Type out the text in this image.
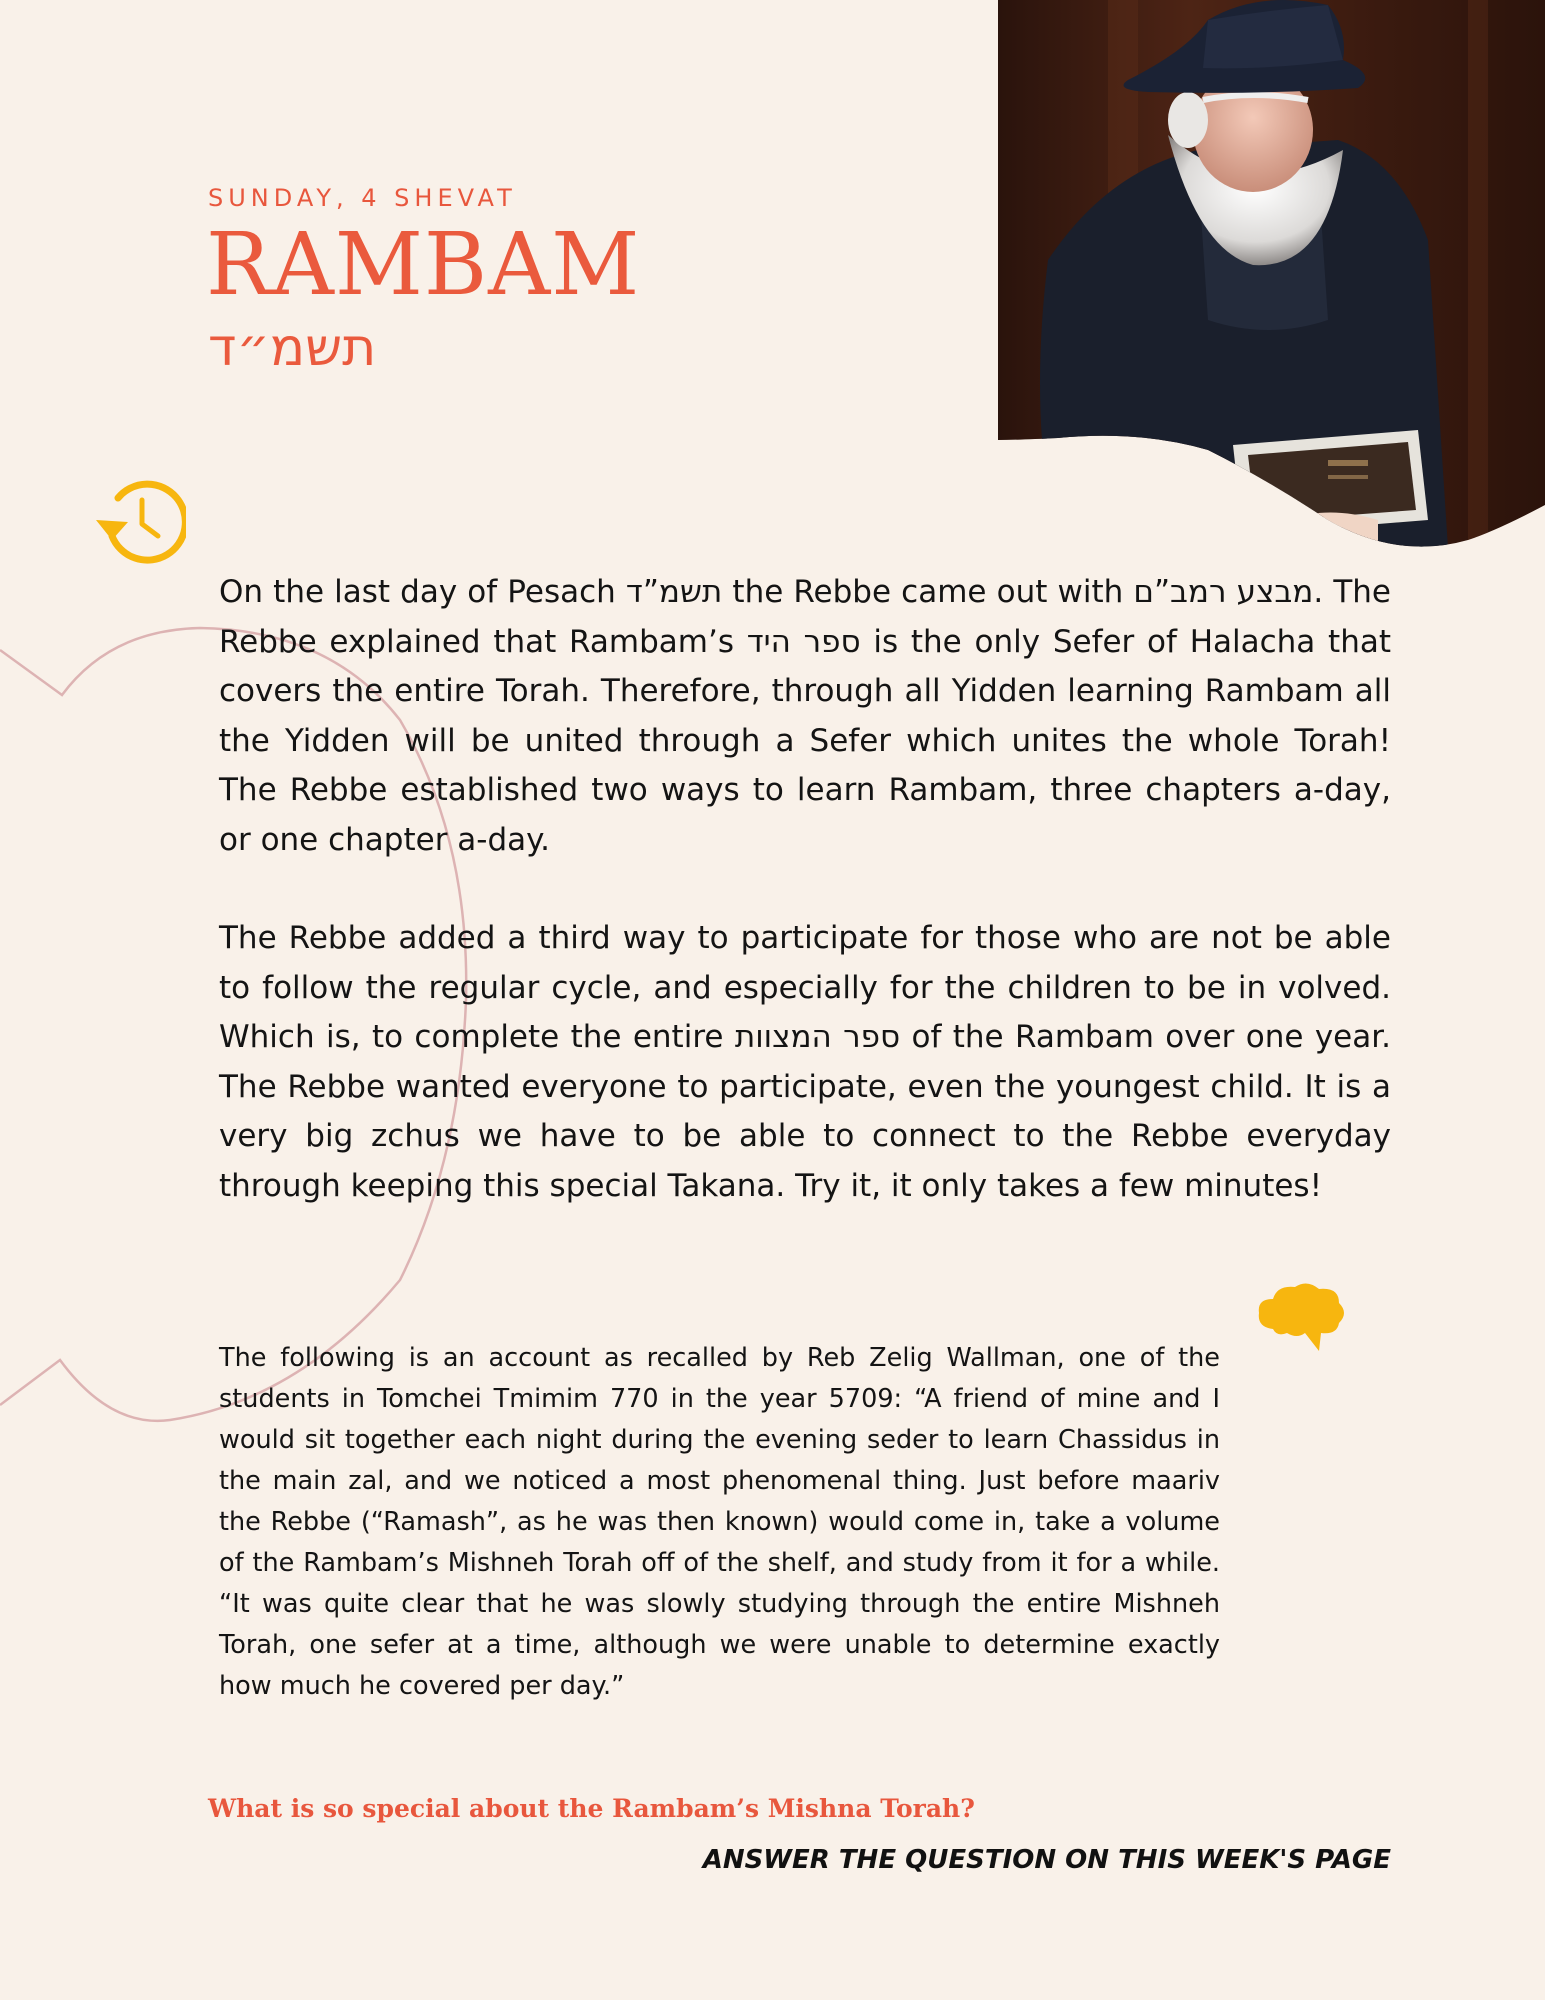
SUNDAY, 4 SHEVAT
RAMBAM
תשמ״ד

On the last day of Pesach תשמ”ד the Rebbe came out with מבצע רמב”ם. The Rebbe explained that Rambam’s ספר היד is the only Sefer of Halacha that covers the entire Torah. Therefore, through all Yidden learning Rambam all the Yidden will be united through a Sefer which unites the whole Torah! The Rebbe established two ways to learn Rambam, three chapters a-day, or one chapter a-day.

The Rebbe added a third way to participate for those who are not be able to follow the regular cycle, and especially for the children to be in volved. Which is, to complete the entire ספר המצוות of the Rambam over one year. The Rebbe wanted everyone to participate, even the youngest child. It is a very big zchus we have to be able to connect to the Rebbe everyday through keeping this special Takana. Try it, it only takes a few minutes!

The following is an account as recalled by Reb Zelig Wallman, one of the students in Tomchei Tmimim 770 in the year 5709: “A friend of mine and I would sit together each night during the evening seder to learn Chassidus in the main zal, and we noticed a most phenomenal thing. Just before maariv the Rebbe (“Ramash”, as he was then known) would come in, take a volume of the Rambam’s Mishneh Torah off of the shelf, and study from it for a while. “It was quite clear that he was slowly studying through the entire Mishneh Torah, one sefer at a time, although we were unable to determine exactly how much he covered per day.”

What is so special about the Rambam’s Mishna Torah?
ANSWER THE QUESTION ON THIS WEEK'S PAGE
